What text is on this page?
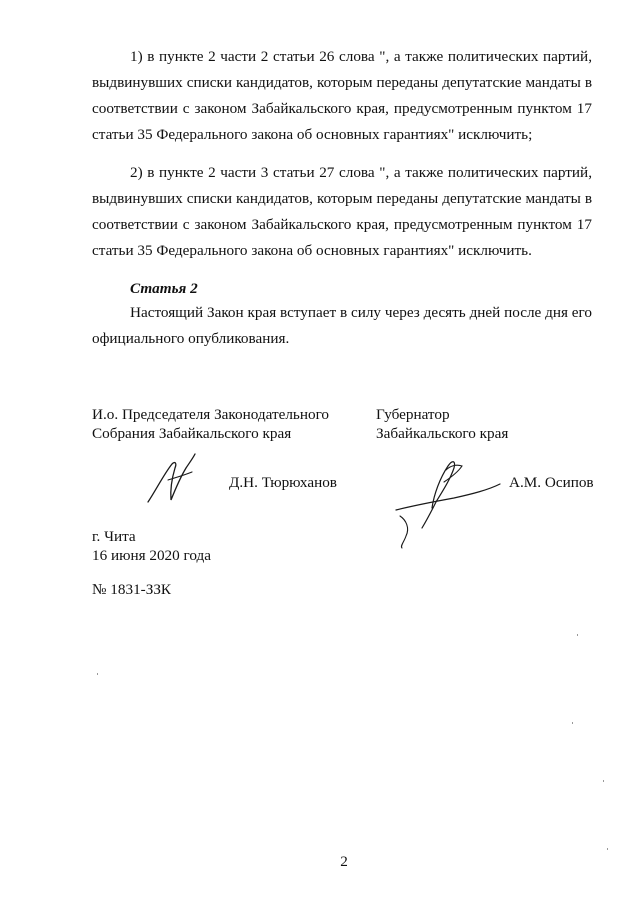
1) в пункте 2 части 2 статьи 26 слова ", а также политических партий, выдвинувших списки кандидатов, которым переданы депутатские мандаты в соответствии с законом Забайкальского края, предусмотренным пунктом 17 статьи 35 Федерального закона об основных гарантиях" исключить;

2) в пункте 2 части 3 статьи 27 слова ", а также политических партий, выдвинувших списки кандидатов, которым переданы депутатские мандаты в соответствии с законом Забайкальского края, предусмотренным пунктом 17 статьи 35 Федерального закона об основных гарантиях" исключить.

Статья 2

Настоящий Закон края вступает в силу через десять дней после дня его официального опубликования.

И.о. Председателя Законодательного
Собрания Забайкальского края
Д.Н. Тюрюханов
Губернатор
Забайкальского края
А.М. Осипов
г. Чита
16 июня 2020 года
№ 1831-ЗЗК
2
